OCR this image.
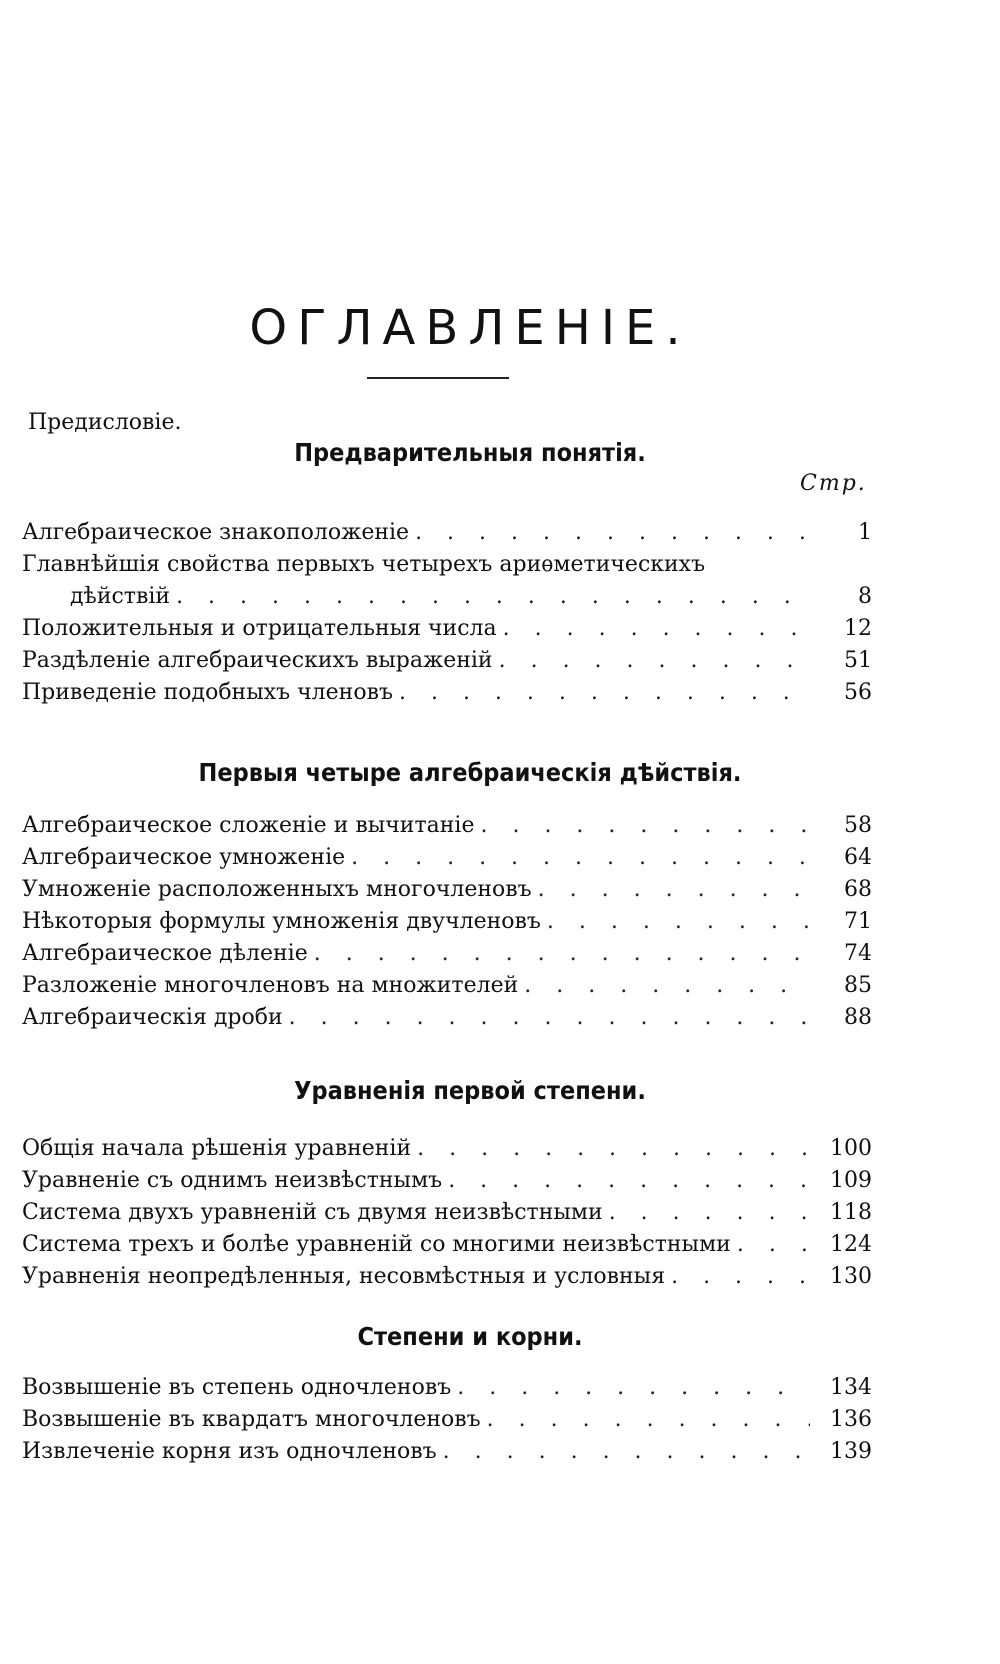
ОГЛАВЛЕНІЕ.
Предисловіе.
Предварительныя понятія.
Стр.
Алгебраическое знакоположеніе . . .	1
Главнѣйшія свойства первыхъ четырехъ ариѳметическихъ
дѣйствій . . .	8
Положительныя и отрицательныя числа . . .	12
Раздѣленіе алгебраическихъ выраженій . . .	51
Приведеніе подобныхъ членовъ . . .	56
Первыя четыре алгебраическія дѣйствія.
Алгебраическое сложеніе и вычитаніе . . .	58
Алгебраическое умноженіе . . .	64
Умноженіе расположенныхъ многочленовъ . . .	68
Нѣкоторыя формулы умноженія двучленовъ . . .	71
Алгебраическое дѣленіе . . .	74
Разложеніе многочленовъ на множителей . . .	85
Алгебраическія дроби . . .	88
Уравненія первой степени.
Общія начала рѣшенія уравненій . . .	100
Уравненіе съ однимъ неизвѣстнымъ . . .	109
Система двухъ уравненій съ двумя неизвѣстными . . .	118
Система трехъ и болѣе уравненій со многими неизвѣстными . . .	124
Уравненія неопредѣленныя, несовмѣстныя и условныя . . .	130
Степени и корни.
Возвышеніе въ степень одночленовъ . . .	134
Возвышеніе въ квардатъ многочленовъ . . .	136
Извлеченіе корня изъ одночленовъ . . .	139
